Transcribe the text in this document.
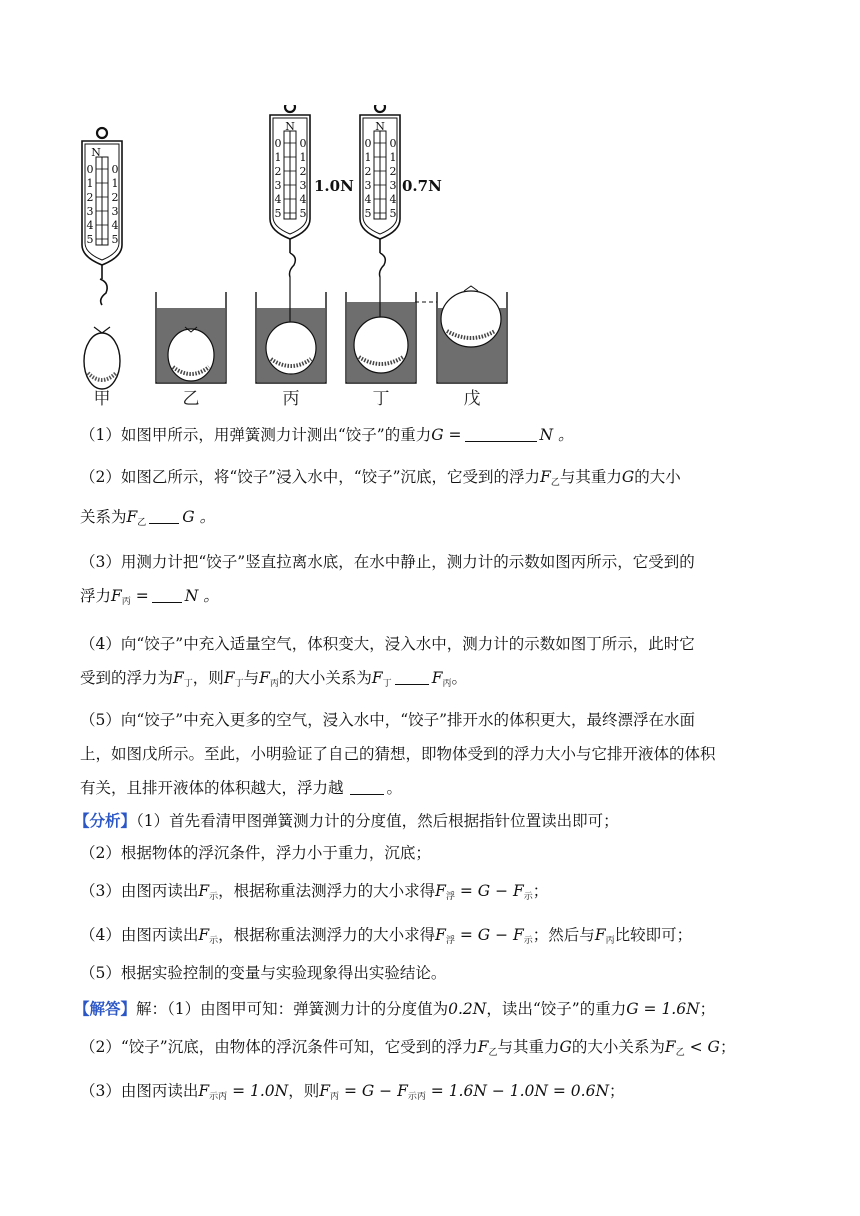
N
N
1.0N
N
0.7N
甲	乙	丙	丁	戊
0 0
1 1
2 2
3 3
4 4
5 5
0 0
1 1
2 2
3 3
4 4
5 5
0 0
1 1
2 2
3 3
4 4
5 5
（1）如图甲所示，用弹簧测力计测出“饺子”的重力G =	N 。
（2）如图乙所示，将“饺子”浸入水中，“饺子”沉底，它受到的浮力$F_乙$与其重力G的大小
关系为$F_乙$ G 。
（3）用测力计把“饺子”竖直拉离水底，在水中静止，测力计的示数如图丙所示，它受到的
浮力$F_丙 = N$ 。
（4）向“饺子”中充入适量空气，体积变大，浸入水中，测力计的示数如图丁所示，此时它
受到的浮力为$F_丁$，则$F_丁$与$F_丙$的大小关系为$F_丁$	$F_丙$。
（5）向“饺子”中充入更多的空气，浸入水中，“饺子”排开水的体积更大，最终漂浮在水面
上，如图戊所示。至此，小明验证了自己的猜想，即物体受到的浮力大小与它排开液体的体积
有关，且排开液体的体积越大，浮力越	。
【分析】（1）首先看清甲图弹簧测力计的分度值，然后根据指针位置读出即可；
（2）根据物体的浮沉条件，浮力小于重力，沉底；
（3）由图丙读出$F_示$，根据称重法测浮力的大小求得$F_浮 = G - F_示$；
（4）由图丙读出$F_示$，根据称重法测浮力的大小求得$F_浮 = G - F_示$；然后与$F_丙$比较即可；
（5）根据实验控制的变量与实验现象得出实验结论。
【解答】解：（1）由图甲可知：弹簧测力计的分度值为0.2N，读出“饺子”的重力G = 1.6N；
（2）“饺子”沉底，由物体的浮沉条件可知，它受到的浮力$F_乙$与其重力G的大小关系为$F_乙 < G$；
（3）由图丙读出$F_{示丙} = 1.0N$，则$F_丙 = G - F_{示丙} = 1.6N - 1.0N = 0.6N$；
